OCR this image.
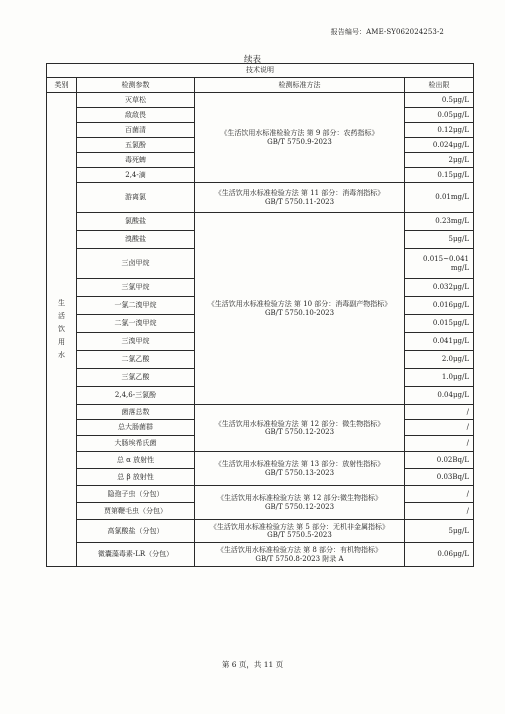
报告编号：AME-SY062024253-2
续表
技术说明			
类别	检测参数	检测标准方法	检出限

生
活
饮
用
水	灭草松	《生活饮用水标准检验方法 第 9 部分：农药指标》
GB/T 5750.9-2023	0.5μg/L
	敌敌畏		0.05μg/L
	百菌清		0.12μg/L
	五氯酚		0.024μg/L
	毒死蜱		2μg/L
	2,4-滴		0.15μg/L
	游离氯	《生活饮用水标准检验方法 第 11 部分：消毒剂指标》
GB/T 5750.11-2023	0.01mg/L
	氯酸盐	《生活饮用水标准检验方法 第 10 部分：消毒副产物指标》
GB/T 5750.10-2023	0.23mg/L
	溴酸盐		5μg/L
	三卤甲烷		0.015~0.041 mg/L
	三氯甲烷		0.032μg/L
	一氯二溴甲烷		0.016μg/L
	二氯一溴甲烷		0.015μg/L
	三溴甲烷		0.041μg/L
	二氯乙酸		2.0μg/L
	三氯乙酸		1.0μg/L
	2,4,6-三氯酚		0.04μg/L
	菌落总数	《生活饮用水标准检验方法 第 12 部分：微生物指标》
GB/T 5750.12-2023	/
	总大肠菌群		/
	大肠埃希氏菌		/
	总 α 放射性	《生活饮用水标准检验方法 第 13 部分：放射性指标》
GB/T 5750.13-2023	0.02Bq/L
	总 β 放射性		0.03Bq/L
	隐孢子虫（分包）	《生活饮用水标准检验方法 第 12 部分:微生物指标》
GB/T 5750.12-2023	/
	贾第鞭毛虫（分包）		/
	高氯酸盐（分包）	《生活饮用水标准检验方法 第 5 部分：无机非金属指标》
GB/T 5750.5-2023	5μg/L
	微囊藻毒素-LR（分包）	《生活饮用水标准检验方法 第 8 部分：有机物指标》
GB/T 5750.8-2023 附录 A	0.06μg/L
第 6 页，共 11 页
